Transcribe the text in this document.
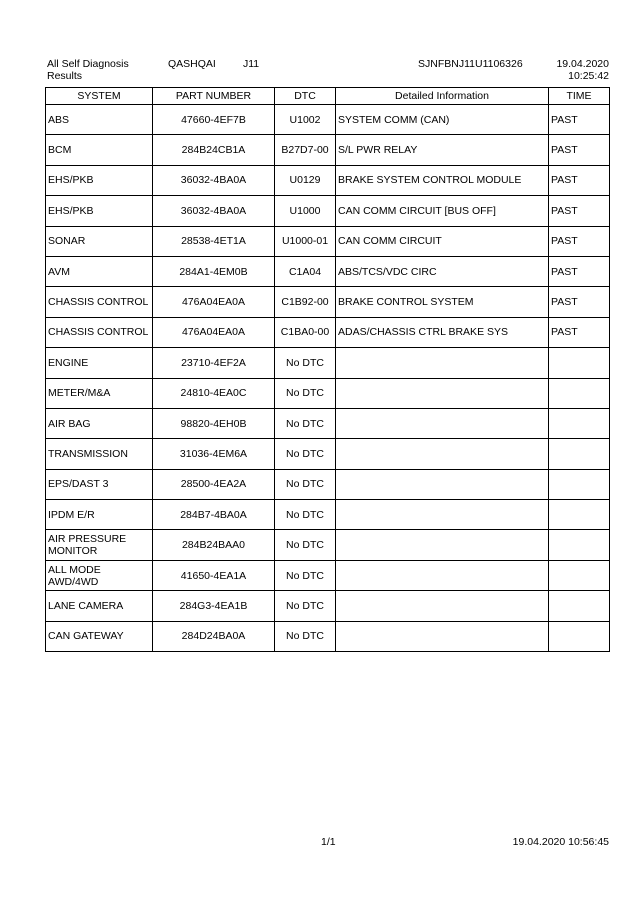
All Self Diagnosis Results
QASHQAI	J11	SJNFBNJ11U1106326	19.04.2020
10:25:42
SYSTEM	PART NUMBER	DTC	Detailed Information	TIME
ABS	47660-4EF7B	U1002	SYSTEM COMM (CAN)	PAST
BCM	284B24CB1A	B27D7-00	S/L PWR RELAY	PAST
EHS/PKB	36032-4BA0A	U0129	BRAKE SYSTEM CONTROL MODULE	PAST
EHS/PKB	36032-4BA0A	U1000	CAN COMM CIRCUIT [BUS OFF]	PAST
SONAR	28538-4ET1A	U1000-01	CAN COMM CIRCUIT	PAST
AVM	284A1-4EM0B	C1A04	ABS/TCS/VDC CIRC	PAST
CHASSIS CONTROL	476A04EA0A	C1B92-00	BRAKE CONTROL SYSTEM	PAST
CHASSIS CONTROL	476A04EA0A	C1BA0-00	ADAS/CHASSIS CTRL BRAKE SYS	PAST
ENGINE	23710-4EF2A	No DTC		
METER/M&A	24810-4EA0C	No DTC		
AIR BAG	98820-4EH0B	No DTC		
TRANSMISSION	31036-4EM6A	No DTC		
EPS/DAST 3	28500-4EA2A	No DTC		
IPDM E/R	284B7-4BA0A	No DTC		
AIR PRESSURE MONITOR	284B24BAA0	No DTC		
ALL MODE AWD/4WD	41650-4EA1A	No DTC		
LANE CAMERA	284G3-4EA1B	No DTC		
CAN GATEWAY	284D24BA0A	No DTC		
1/1	19.04.2020 10:56:45
